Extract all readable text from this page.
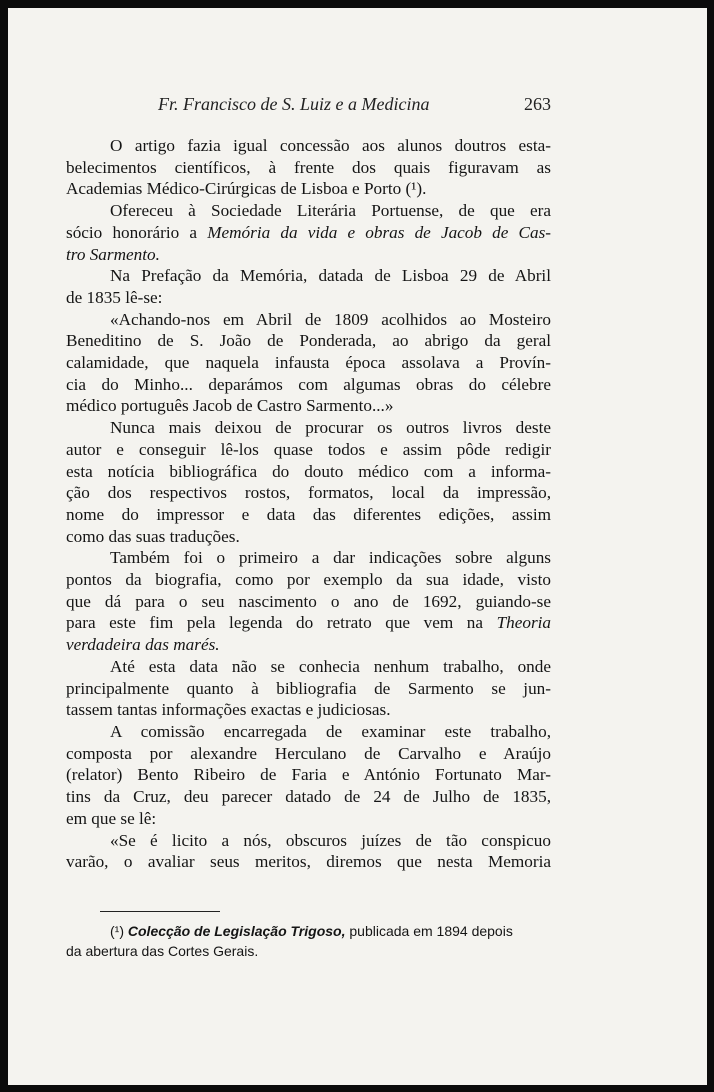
Fr. Francisco de S. Luiz e a Medicina	263

O artigo fazia igual concessão aos alunos doutros esta-
belecimentos científicos, à frente dos quais figuravam as
Academias Médico-Cirúrgicas de Lisboa e Porto (¹).

Ofereceu à Sociedade Literária Portuense, de que era
sócio honorário a Memória da vida e obras de Jacob de Cas-
tro Sarmento.

Na Prefação da Memória, datada de Lisboa 29 de Abril
de 1835 lê-se:

«Achando-nos em Abril de 1809 acolhidos ao Mosteiro
Beneditino de S. João de Ponderada, ao abrigo da geral
calamidade, que naquela infausta época assolava a Provín-
cia do Minho... deparámos com algumas obras do célebre
médico português Jacob de Castro Sarmento...»

Nunca mais deixou de procurar os outros livros deste
autor e conseguir lê-los quase todos e assim pôde redigir
esta notícia bibliográfica do douto médico com a informa-
ção dos respectivos rostos, formatos, local da impressão,
nome do impressor e data das diferentes edições, assim
como das suas traduções.

Também foi o primeiro a dar indicações sobre alguns
pontos da biografia, como por exemplo da sua idade, visto
que dá para o seu nascimento o ano de 1692, guiando-se
para este fim pela legenda do retrato que vem na Theoria
verdadeira das marés.

Até esta data não se conhecia nenhum trabalho, onde
principalmente quanto à bibliografia de Sarmento se jun-
tassem tantas informações exactas e judiciosas.

A comissão encarregada de examinar este trabalho,
composta por alexandre Herculano de Carvalho e Araújo
(relator) Bento Ribeiro de Faria e António Fortunato Mar-
tins da Cruz, deu parecer datado de 24 de Julho de 1835,
em que se lê:

«Se é licito a nós, obscuros juízes de tão conspicuo
varão, o avaliar seus meritos, diremos que nesta Memoria

(¹) Colecção de Legislação Trigoso, publicada em 1894 depois
da abertura das Cortes Gerais.
